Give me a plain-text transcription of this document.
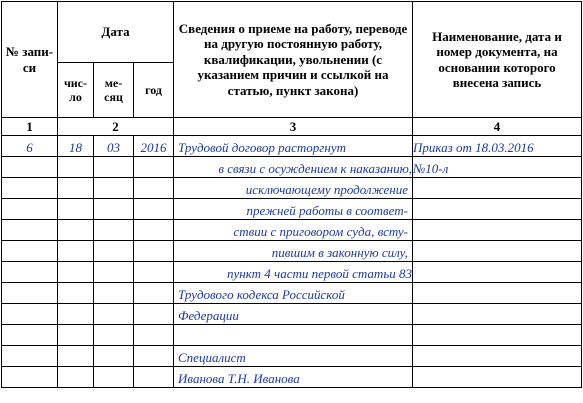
№ запи-си	Дата			Сведения о приеме на работу, переводе на другую постоянную работу, квалификации, увольнении (с указанием причин и ссылкой на статью, пункт закона)	Наименование, дата и номер документа, на основании которого внесена запись
	чис-ло	ме-сяц	год		
1	2			3	4
6	18	03	2016	Трудовой договор расторгнут	Приказ от 18.03.2016
				в связи с осуждением к наказанию,	№10-л
				исключающему продолжение	
				прежней работы в соответ-	
				ствии с приговором суда, всту-	
				пившим в законную силу,	
				пункт 4 части первой статьи 83	
				Трудового кодекса Российской	
				Федерации	

				Специалист	
				Иванова Т.Н. Иванова	
